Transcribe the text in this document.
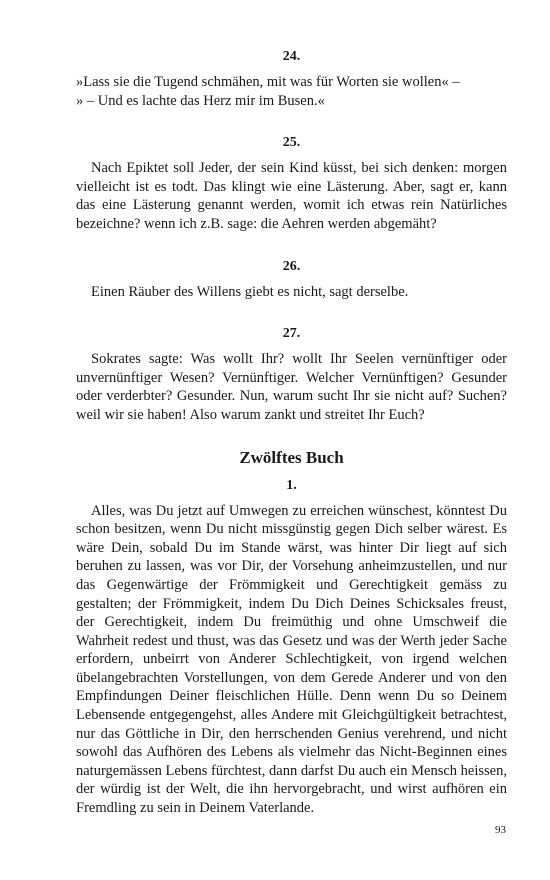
24.

»Lass sie die Tugend schmähen, mit was für Worten sie wollen« –

» – Und es lachte das Herz mir im Busen.«

25.

Nach Epiktet soll Jeder, der sein Kind küsst, bei sich denken: morgen vielleicht ist es todt. Das klingt wie eine Lästerung. Aber, sagt er, kann das eine Lästerung genannt werden, womit ich etwas rein Natürliches bezeichne? wenn ich z.B. sage: die Aehren werden abgemäht?

26.

Einen Räuber des Willens giebt es nicht, sagt derselbe.

27.

Sokrates sagte: Was wollt Ihr? wollt Ihr Seelen vernünftiger oder unvernünftiger Wesen? Vernünftiger. Welcher Vernünftigen? Gesunder oder verderbter? Gesunder. Nun, warum sucht Ihr sie nicht auf? Suchen? weil wir sie haben! Also warum zankt und streitet Ihr Euch?

Zwölftes Buch
1.

Alles, was Du jetzt auf Umwegen zu erreichen wünschest, könntest Du schon besitzen, wenn Du nicht missgünstig gegen Dich selber wärest. Es wäre Dein, sobald Du im Stande wärst, was hinter Dir liegt auf sich beruhen zu lassen, was vor Dir, der Vorsehung anheimzustellen, und nur das Gegenwärtige der Frömmigkeit und Gerechtigkeit gemäss zu gestalten; der Frömmigkeit, indem Du Dich Deines Schicksales freust, der Gerechtigkeit, indem Du freimüthig und ohne Umschweif die Wahrheit redest und thust, was das Gesetz und was der Werth jeder Sache erfordern, unbeirrt von Anderer Schlechtigkeit, von irgend welchen übelangebrachten Vorstellungen, von dem Gerede Anderer und von den Empfindungen Deiner fleischlichen Hülle. Denn wenn Du so Deinem Lebensende entgegengehst, alles Andere mit Gleichgültigkeit betrachtest, nur das Göttliche in Dir, den herrschenden Genius verehrend, und nicht sowohl das Aufhören des Lebens als vielmehr das Nicht-Beginnen eines naturgemässen Lebens fürchtest, dann darfst Du auch ein Mensch heissen, der würdig ist der Welt, die ihn hervorgebracht, und wirst aufhören ein Fremdling zu sein in Deinem Vaterlande.

93
